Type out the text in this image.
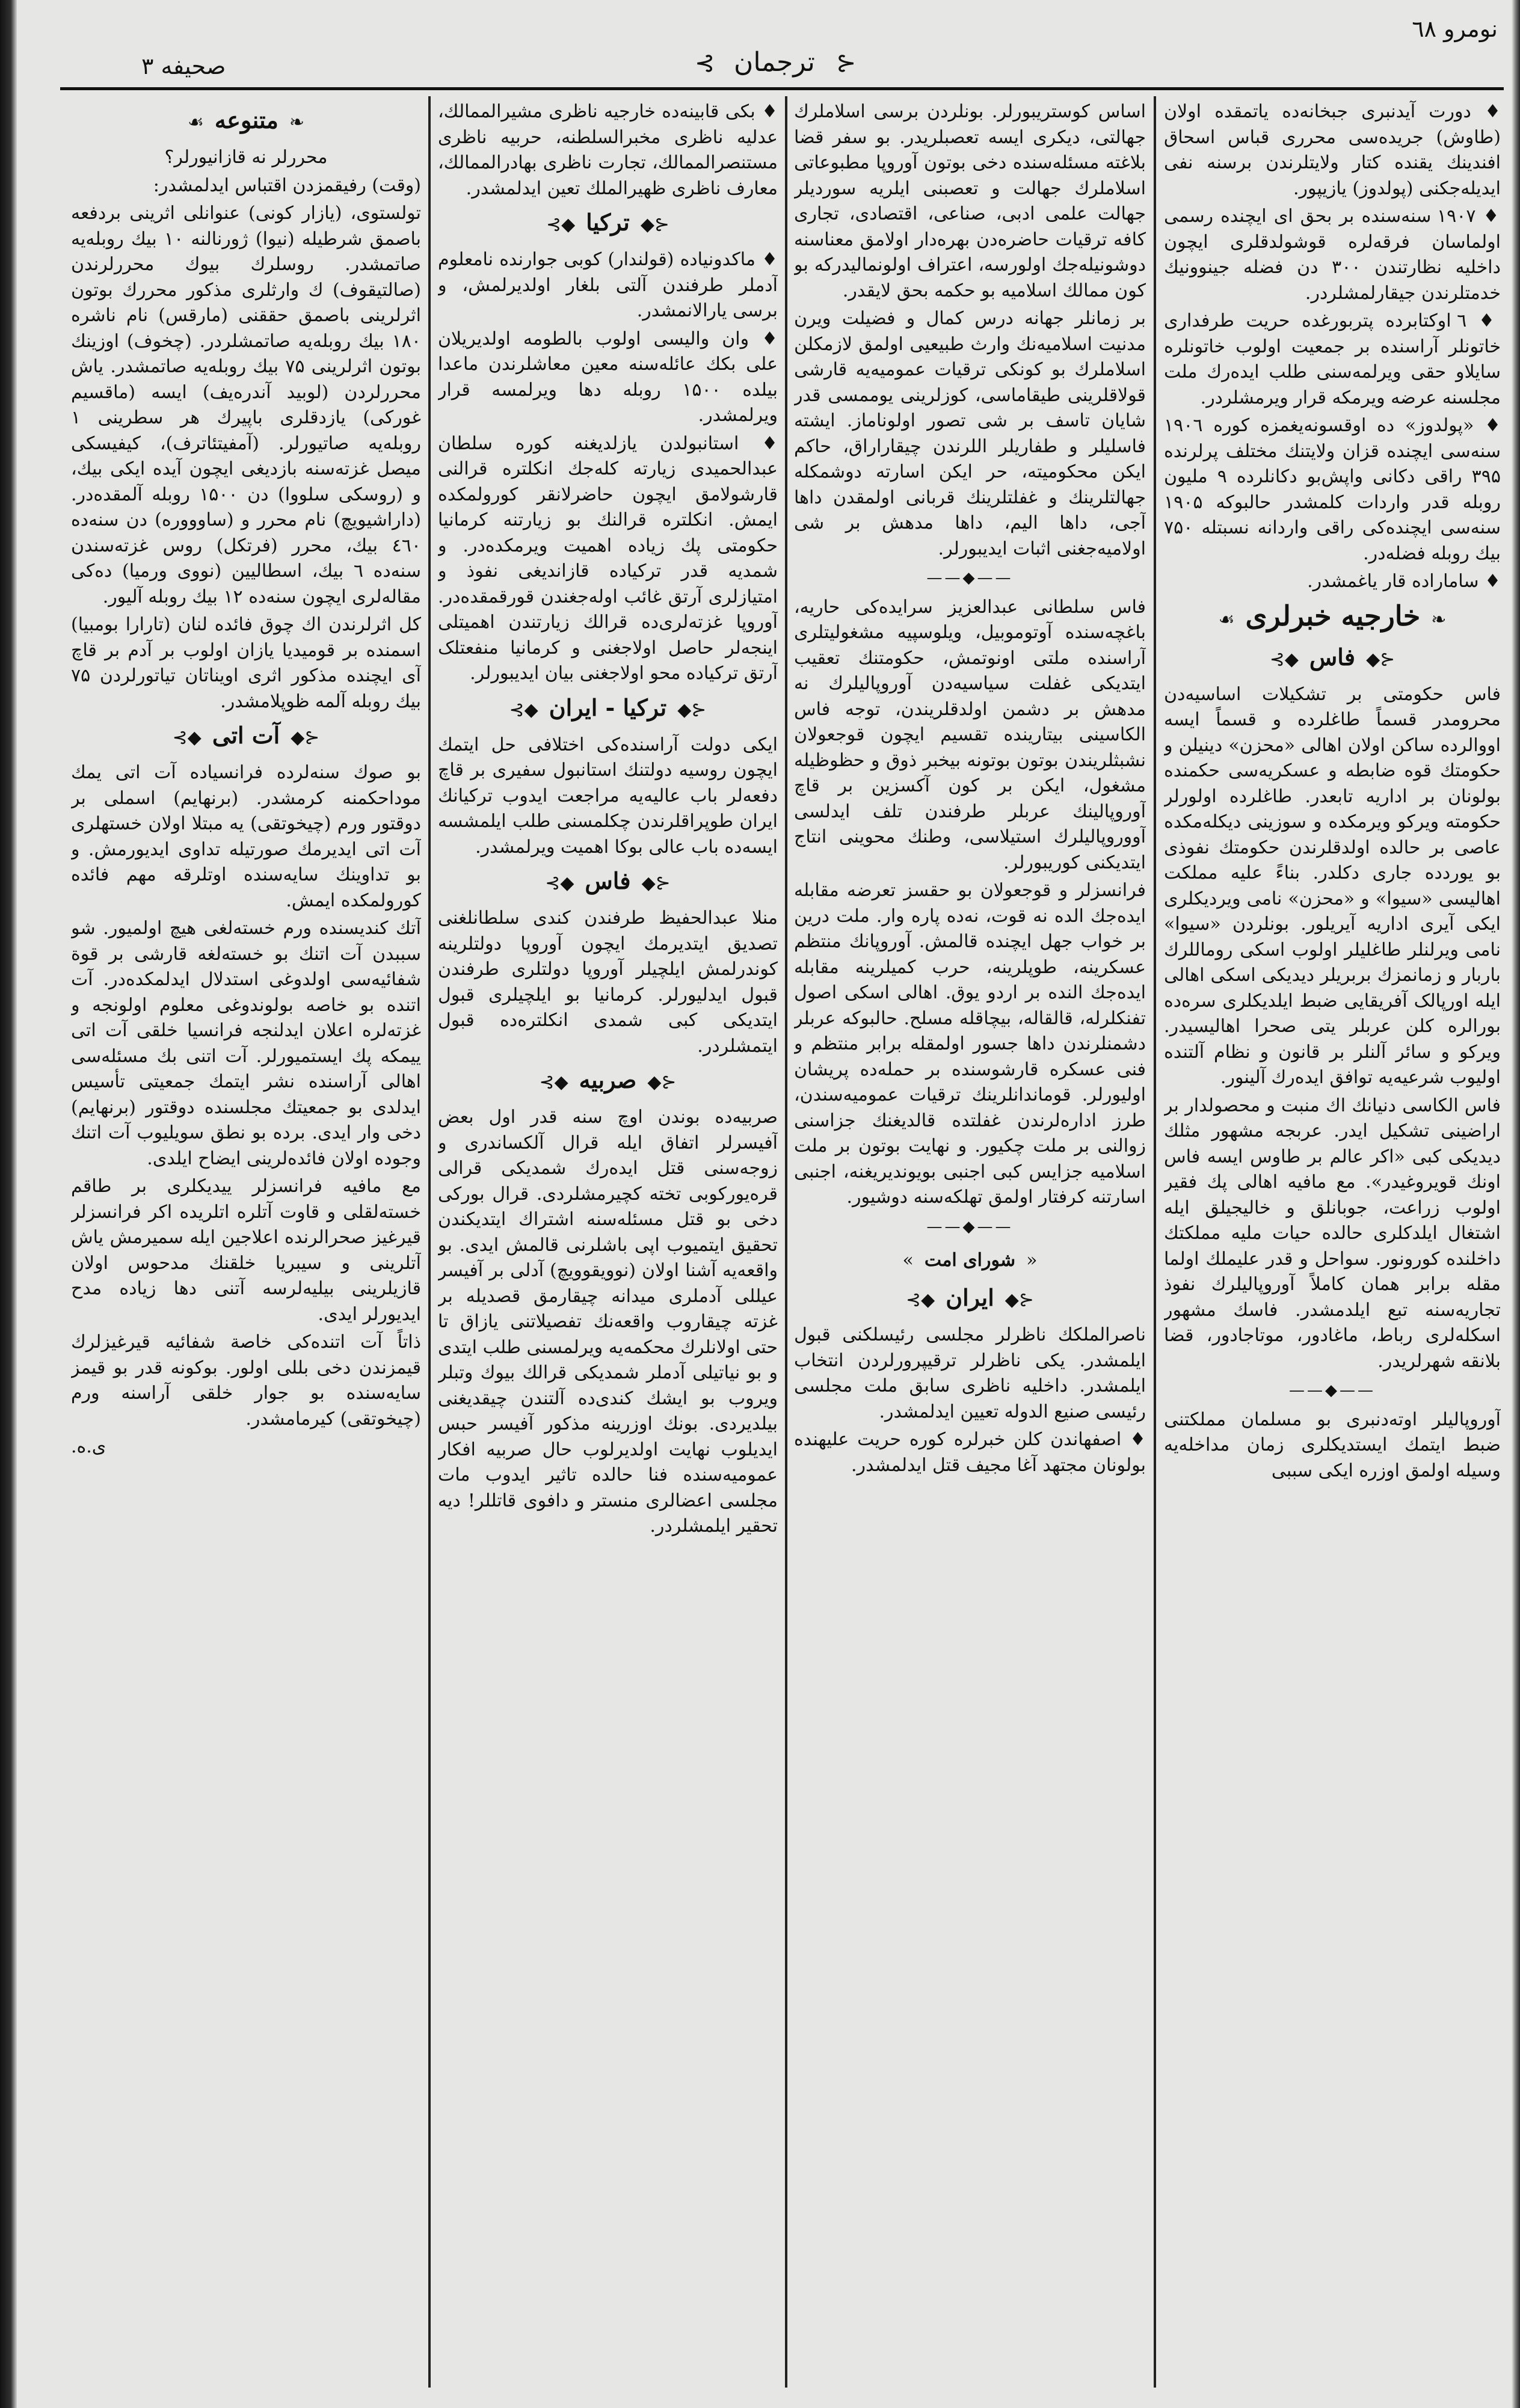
نومرو ٦٨
⊰ ترجمان ⊱
صحیفه ٣

♦ دورت آیدنبری جبخانه‌ده یاتمقده اولان (طاوش) جریده‌سی محرری قباس اسحاق افندینك یقنده کتار ولایتلرندن برسنه نفی ایدیله‌جکنی (پولدوز) یازیپور.

♦ ۱۹۰۷ سنه‌سنده بر بحق ای ایچنده رسمی اولماسان فرقه‌لره قوشولدقلری ایچون داخلیه نظارتندن ۳۰۰ دن فضله جینوونیك خدمتلرندن جیقارلمشلردر.

♦ ٦ اوکتابرده پتربورغده حریت طرفداری خاتونلر آراسنده بر جمعیت اولوب خاتونلره سایلاو حقی ویرلمه‌سنی طلب ایده‌رك ملت مجلسنه عرضه ویرمکه قرار ویرمشلردر.

♦ «پولدوز» ده اوقسونه‌یغمزه کوره ۱۹۰٦ سنه‌سی ایچنده قزان ولایتنك مختلف پرلرنده ۳۹۵ راقی دکانی واپش‌بو دکانلرده ۹ ملیون روبله قدر واردات کلمشدر حالبوکه ۱۹۰۵ سنه‌سی ایچنده‌کی راقی واردانه نسبتله ۷۵۰ بیك روبله فضله‌در.

♦ ساماراده قار یاغمشدر.

❧خارجیه خبرلری☙
⊰◆فاس◆⊱

فاس حکومتی بر تشکیلات اساسیه‌دن محرومدر قسماً طاغلرده و قسماً ایسه اووالرده ساکن اولان اهالی «محزن» دینیلن و حکومتك قوه ضابطه و عسکریه‌سی حکمنده بولونان بر اداریه تابعدر. طاغلرده اولورلر حکومته ویرکو ویرمکده و سوزینی دیکله‌مکده عاصی بر حالده اولدقلرندن حکومتك نفوذی بو یوردده جاری دکلدر. بناءً علیه مملکت اهالیسی «سیوا» و «محزن» نامی ویردیکلری ایکی آیری اداریه آیریلور. بونلردن «سیوا» نامی ویرلنلر طاغلیلر اولوب اسکی روماللرك باربار و زمانمزك بربریلر دیدیکی اسکی اهالی ایله اورپالک آفریقایی ضبط ایلدیکلری سره‌ده بورالره کلن عربلر یتی صحرا اهالیسیدر. ویرکو و سائر آلنلر بر قانون و نظام آلتنده اولیوب شرعیه‌یه توافق ایده‌رك آلینور.

فاس الکاسی دنیانك اك منبت و محصولدار بر اراضینی تشکیل ایدر. عربجه مشهور مثلك دیدیکی کبی «اکر عالم بر طاوس ایسه فاس اونك قویروغیدر». مع مافیه اهالی پك فقیر اولوب زراعت، جوبانلق و خالیجیلق ایله اشتغال ایلدکلری حالده حیات ملیه مملکتك داخلنده کورونور. سواحل و قدر علیملك اولما مقله برابر همان کاملاً آوروپالیلرك نفوذ تجاریه‌سنه تبع ایلدمشدر. فاسك مشهور اسکله‌لری رباط، ماغادور، موتاجادور، قضا بلانقه شهرلریدر.

——◆——

آوروپالیلر اوته‌دنبری بو مسلمان مملکتنی ضبط ایتمك ایستدیکلری زمان مداخله‌یه وسیله اولمق اوزره ایکی سببی

اساس کوستریبورلر. بونلردن برسی اسلاملرك جهالتی، دیکری ایسه تعصبلریدر. بو سفر قضا بلاغته مسئله‌سنده دخی بوتون آوروپا مطبوعاتی اسلاملرك جهالت و تعصبنی ایلریه سوردیلر جهالت علمی ادبی، صناعی، اقتصادی، تجاری کافه ترقیات حاضره‌دن بهره‌دار اولامق معناسنه دوشونیله‌جك اولورسه، اعتراف اولونمالیدرکه بو کون ممالك اسلامیه بو حکمه بحق لایقدر.

بر زمانلر جهانه درس کمال و فضیلت ویرن مدنیت اسلامیه‌نك وارث طبیعیی اولمق لازمکلن اسلاملرك بو کونکی ترقیات عمومیه‌یه قارشی قولاقلرینی طیقاماسی، کوزلرینی یوممسی قدر شایان تاسف بر شی تصور اولوناماز. ایشته فاسلیلر و طفاریلر اللرندن چیقاراراق، حاکم ایکن محکومیته، حر ایکن اسارته دوشمکله جهالتلرینك و غفلتلرینك قربانی اولمقدن داها آجی، داها الیم، داها مدهش بر شی اولامیه‌جغنی اثبات ایدیبورلر.

——◆——

فاس سلطانی عبدالعزیز سرایده‌کی حاریه، باغچه‌سنده آوتوموبیل، ویلوسپیه مشغولیتلری آراسنده ملتی اونوتمش، حکومتنك تعقیب ایتدیکی غفلت سیاسیه‌دن آوروپالیلرك نه مدهش بر دشمن اولدقلریندن، توجه فاس الکاسینی بیتارینده تقسیم ایچون قوجعولان نشبثلریندن بوتون بوتونه بیخبر ذوق و حظوظیله مشغول، ایکن بر کون آکسزین بر قاچ آوروپالینك عربلر طرفندن تلف ایدلسی آووروپالیلرك استیلاسی، وطنك محوینی انتاج ایتدیکنی کوریبورلر.

فرانسزلر و قوجعولان بو حقسز تعرضه مقابله ایده‌جك الده نه قوت، نه‌ده پاره وار. ملت درین بر خواب جهل ایچنده قالمش. آوروپانك منتظم عسکرینه، طوپلرینه، حرب کمیلرینه مقابله ایده‌جك النده بر اردو یوق. اهالی اسکی اصول تفنکلرله، قالقاله، بیچاقله مسلح. حالبوکه عربلر دشمنلرندن داها جسور اولمقله برابر منتظم و فنی عسکره قارشوسنده بر حمله‌ده پریشان اولیورلر. قوماندانلرینك ترقیات عمومیه‌سندن، طرز اداره‌لرندن غفلتده قالدیغنك جزاسنی زوالنی بر ملت چکیور. و نهایت بوتون بر ملت اسلامیه جزایس کبی اجنبی بویوندیریغنه، اجنبی اسارتنه کرفتار اولمق تهلکه‌سنه دوشیور.

——◆——
«شورای امت»
⊰◆ایران◆⊱

ناصرالملکك ناظرلر مجلسی رئیسلکنی قبول ایلمشدر. یکی ناظرلر ترقیپرورلردن انتخاب ایلمشدر. داخلیه ناظری سابق ملت مجلسی رئیسی صنیع الدوله تعیین ایدلمشدر.

♦ اصفهاندن کلن خبرلره کوره حریت علیهنده بولونان مجتهد آغا مجیف قتل ایدلمشدر.

♦ بکی قابینه‌ده خارجیه ناظری مشیرالممالك، عدلیه ناظری مخبرالسلطنه، حربیه ناظری مستنصرالممالك، تجارت ناظری بهادرالممالك، معارف ناظری ظهیرالملك تعین ایدلمشدر.

⊰◆ترکیا◆⊱

♦ ماکدونیاده (قولندار) کوبی جوارنده نامعلوم آدملر طرفندن آلتی بلغار اولدیرلمش، و برسی یارالانمشدر.

♦ وان والیسی اولوب بالطومه اولدیریلان علی بکك عائله‌سنه معین معاشلرندن ماعدا بیلده ۱۵۰۰ روبله دها ویرلمسه قرار ویرلمشدر.

♦ استانبولدن یازلدیغنه کوره سلطان عبدالحمیدی زیارته کله‌جك انکلتره قرالنی قارشولامق ایچون حاضرلانقر کورولمکده ایمش. انکلتره قرالنك بو زیارتنه کرمانیا حکومتی پك زیاده اهمیت ویرمکده‌در. و شمدیه قدر ترکیاده قازاندیغی نفوذ و امتیازلری آرتق غائب اوله‌جغندن قورقمقده‌در. آوروپا غزته‌لری‌ده قرالك زیارتندن اهمیتلی اینجه‌لر حاصل اولاجغنی و کرمانیا منفعتلک آرتق ترکیاده محو اولاجغنی بیان ایدیبورلر.

⊰◆ترکیا - ایران◆⊱

ایکی دولت آراسنده‌کی اختلافی حل ایتمك ایچون روسیه دولتنك استانبول سفیری بر قاچ دفعه‌لر باب عالیه‌یه مراجعت ایدوب ترکیانك ایران طوپراقلرندن چکلمسنی طلب ایلمشسه ایسه‌ده باب عالی بوکا اهمیت ویرلمشدر.

⊰◆فاس◆⊱

منلا عبدالحفیظ طرفندن کندی سلطانلغنی تصدیق ایتدیرمك ایچون آوروپا دولتلرینه کوندرلمش ایلچیلر آوروپا دولتلری طرفندن قبول ایدلیورلر. کرمانیا بو ایلچیلری قبول ایتدیکی کبی شمدی انکلتره‌ده قبول ایتمشلردر.

⊰◆صربیه◆⊱

صربیه‌ده بوندن اوچ سنه قدر اول بعض آفیسرلر اتفاق ایله قرال آلکساندری و زوجه‌سنی قتل ایده‌رك شمدیکی قرالی قره‌یورکوبی تخته کچیرمشلردی. قرال بورکی دخی بو قتل مسئله‌سنه اشتراك ایتدیکندن تحقیق ایتمیوب اپی باشلرنی قالمش ایدی. بو واقعه‌یه آشنا اولان (نوویقوویچ) آدلی بر آفیسر عیللی آدملری میدانه چیقارمق قصدیله بر غزته چیقاروب واقعه‌نك تفصیلاتنی یازاق تا حتی اولانلرك محکمه‌یه ویرلمسنی طلب ایتدی و بو نیاتیلی آدملر شمدیکی قرالك بیوك وتبلر ویروب بو ایشك کندی‌ده آلتندن چیقدیغنی بیلدیردی. بونك اوزرینه مذکور آفیسر حبس ایدیلوب نهایت اولدیرلوب حال صربیه افکار عمومیه‌سنده فنا حالده تاثیر ایدوب مات مجلسی اعضالری منستر و دافوی قاتللر! دیه تحقیر ایلمشلردر.

❧متنوعه☙

محررلر نه قازانیورلر؟

(وقت) رفیقمزدن اقتباس ایدلمشدر:

تولستوی، (یازار کونی) عنوانلی اثرینی بردفعه باصمق شرطیله (نیوا) ژورنالنه ۱۰ بیك روبله‌یه صاتمشدر. روسلرك بیوك محررلرندن (صالتیقوف) ك وارثلری مذکور محررك بوتون اثرلرینی باصمق حققنی (مارقس) نام ناشره ۱۸۰ بیك روبله‌یه صاتمشلردر. (چخوف) اوزینك بوتون اثرلرینی ۷۵ بیك روبله‌یه صاتمشدر. یاش محررلردن (لوبید آندره‌یف) ایسه (ماقسیم غورکی) یازدقلری باپیرك هر سطرینی ۱ روبله‌یه صاتیورلر. (آمفیتئاترف)، کیفیسکی میصل غزته‌سنه بازدیغی ایچون آیده ایکی بیك، و (روسکی سلووا) دن ۱۵۰۰ روبله آلمقده‌در. (داراشیویچ) نام محرر و (ساوووره) دن سنه‌ده ٤٦۰ بیك، محرر (فرتکل) روس غزته‌سندن سنه‌ده ٦ بیك، اسطالیین (نووی ورمیا) ده‌کی مقاله‌لری ایچون سنه‌ده ۱۲ بیك روبله آلیور.

کل اثرلرندن اك چوق فائده لنان (تارارا بومبیا) اسمنده بر قومیدیا یازان اولوب بر آدم بر قاچ آی ایچنده مذکور اثری اویناتان تیاتورلردن ۷۵ بیك روبله آلمه ظوپلامشدر.

⊰◆آت اتی◆⊱

بو صوك سنه‌لرده فرانسیاده آت اتی یمك موداحکمنه کرمشدر. (برنهایم) اسملی بر دوقتور ورم (چیخوتقی) یه مبتلا اولان خستهلری آت اتی ایدیرمك صورتیله تداوی ایدیورمش. و بو تداوینك سایه‌سنده اوتلرقه مهم فائده کورولمکده ایمش.

آتك کندیسنده ورم خسته‌لغی هیچ اولمیور. شو سببدن آت اتنك بو خسته‌لغه قارشی بر قوة شفائیه‌سی اولدوغی استدلال ایدلمکده‌در. آت اتنده بو خاصه بولوندوغی معلوم اولونجه و غزته‌لره اعلان ایدلنجه فرانسیا خلقی آت اتی ییمکه پك ایستمیورلر. آت اتنی بك مسئله‌سی اهالی آراسنده نشر ایتمك جمعیتی تأسیس ایدلدی بو جمعیتك مجلسنده دوقتور (برنهایم) دخی وار ایدی. برده بو نطق سویلیوب آت اتنك وجوده اولان فائده‌لرینی ایضاح ایلدی.

مع مافیه فرانسزلر ییدیکلری بر طاقم خسته‌لقلی و قاوت آتلره اتلریده اکر فرانسزلر قیرغیز صحرالرنده اعلاجین ایله سمیرمش یاش آتلرینی و سیبریا خلقنك مدحوس اولان قازیلرینی بیلیه‌لرسه آتنی دها زیاده مدح ایدیورلر ایدی.

ذاتاً آت اتنده‌کی خاصة شفائیه قیرغیزلرك قیمزندن دخی بللی اولور. بوکونه قدر بو قیمز سایه‌سنده بو جوار خلقی آراسنه ورم (چیخوتقی) کیرمامشدر.

ی.ه.
